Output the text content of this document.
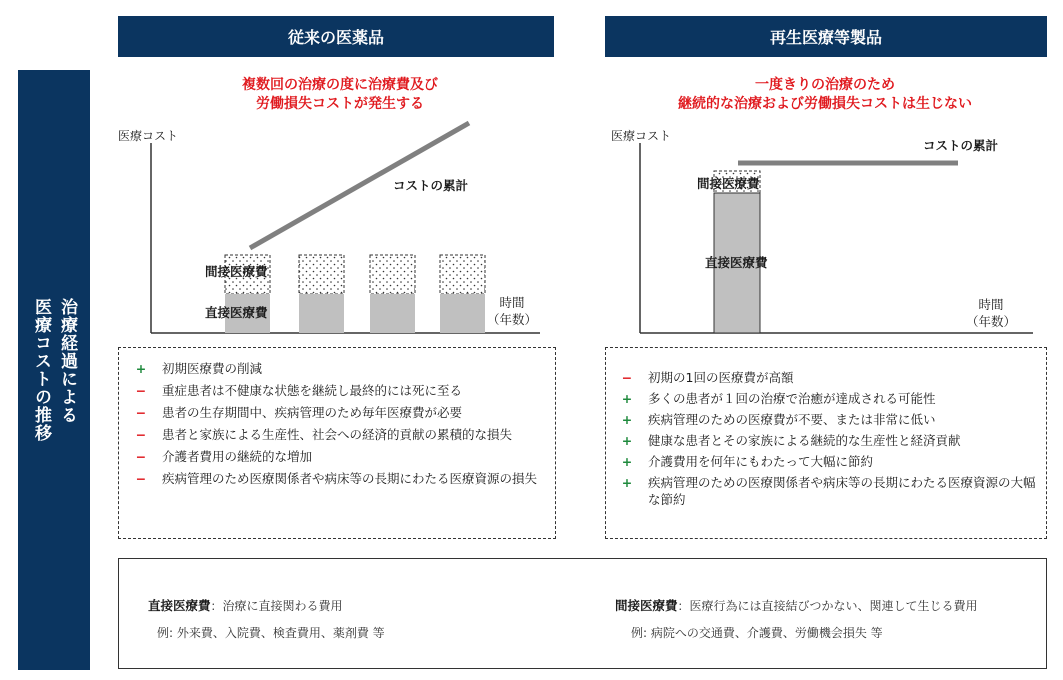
従来の医薬品	再生医療等製品
治療経過による
医療コストの推移
複数回の治療の度に治療費及び
労働損失コストが発生する
一度きりの治療のため
継続的な治療および労働損失コストは生じない
医療コスト
時間
（年数）
間接医療費
直接医療費
コストの累計
医療コスト
時間
（年数）
間接医療費
直接医療費
コストの累計
+ 初期医療費の削減
− 重症患者は不健康な状態を継続し最終的には死に至る
− 患者の生存期間中、疾病管理のため毎年医療費が必要
− 患者と家族による生産性、社会への経済的貢献の累積的な損失
− 介護者費用の継続的な増加
− 疾病管理のため医療関係者や病床等の長期にわたる医療資源の損失
− 初期の1回の医療費が高額
+ 多くの患者が１回の治療で治癒が達成される可能性
+ 疾病管理のための医療費が不要、または非常に低い
+ 健康な患者とその家族による継続的な生産性と経済貢献
+ 介護費用を何年にもわたって大幅に節約
+ 疾病管理のための医療関係者や病床等の長期にわたる医療資源の大幅な節約
直接医療費：治療に直接関わる費用
例: 外来費、入院費、検査費用、薬剤費 等
間接医療費：医療行為には直接結びつかない、関連して生じる費用
例: 病院への交通費、介護費、労働機会損失 等
